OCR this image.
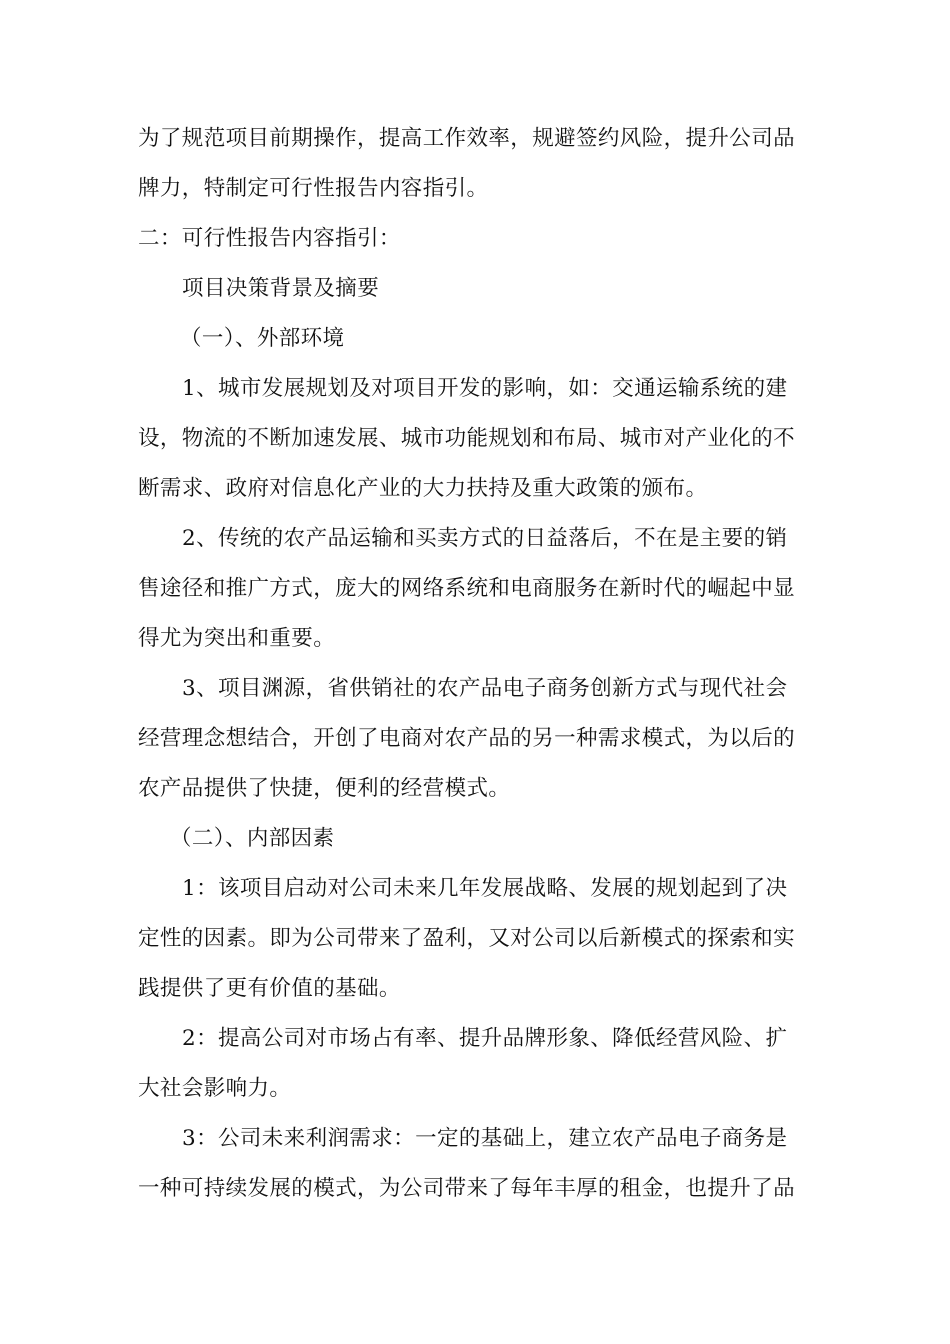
为了规范项目前期操作，提高工作效率，规避签约风险，提升公司品
牌力，特制定可行性报告内容指引。
二：可行性报告内容指引：
项目决策背景及摘要
（一）、外部环境
1、城市发展规划及对项目开发的影响，如：交通运输系统的建
设，物流的不断加速发展、城市功能规划和布局、城市对产业化的不
断需求、政府对信息化产业的大力扶持及重大政策的颁布。
2、传统的农产品运输和买卖方式的日益落后，不在是主要的销
售途径和推广方式，庞大的网络系统和电商服务在新时代的崛起中显
得尤为突出和重要。
3、项目渊源，省供销社的农产品电子商务创新方式与现代社会
经营理念想结合，开创了电商对农产品的另一种需求模式，为以后的
农产品提供了快捷，便利的经营模式。
（二）、内部因素
1：该项目启动对公司未来几年发展战略、发展的规划起到了决
定性的因素。即为公司带来了盈利，又对公司以后新模式的探索和实
践提供了更有价值的基础。
2：提高公司对市场占有率、提升品牌形象、降低经营风险、扩
大社会影响力。
3：公司未来利润需求：一定的基础上，建立农产品电子商务是
一种可持续发展的模式，为公司带来了每年丰厚的租金，也提升了品
